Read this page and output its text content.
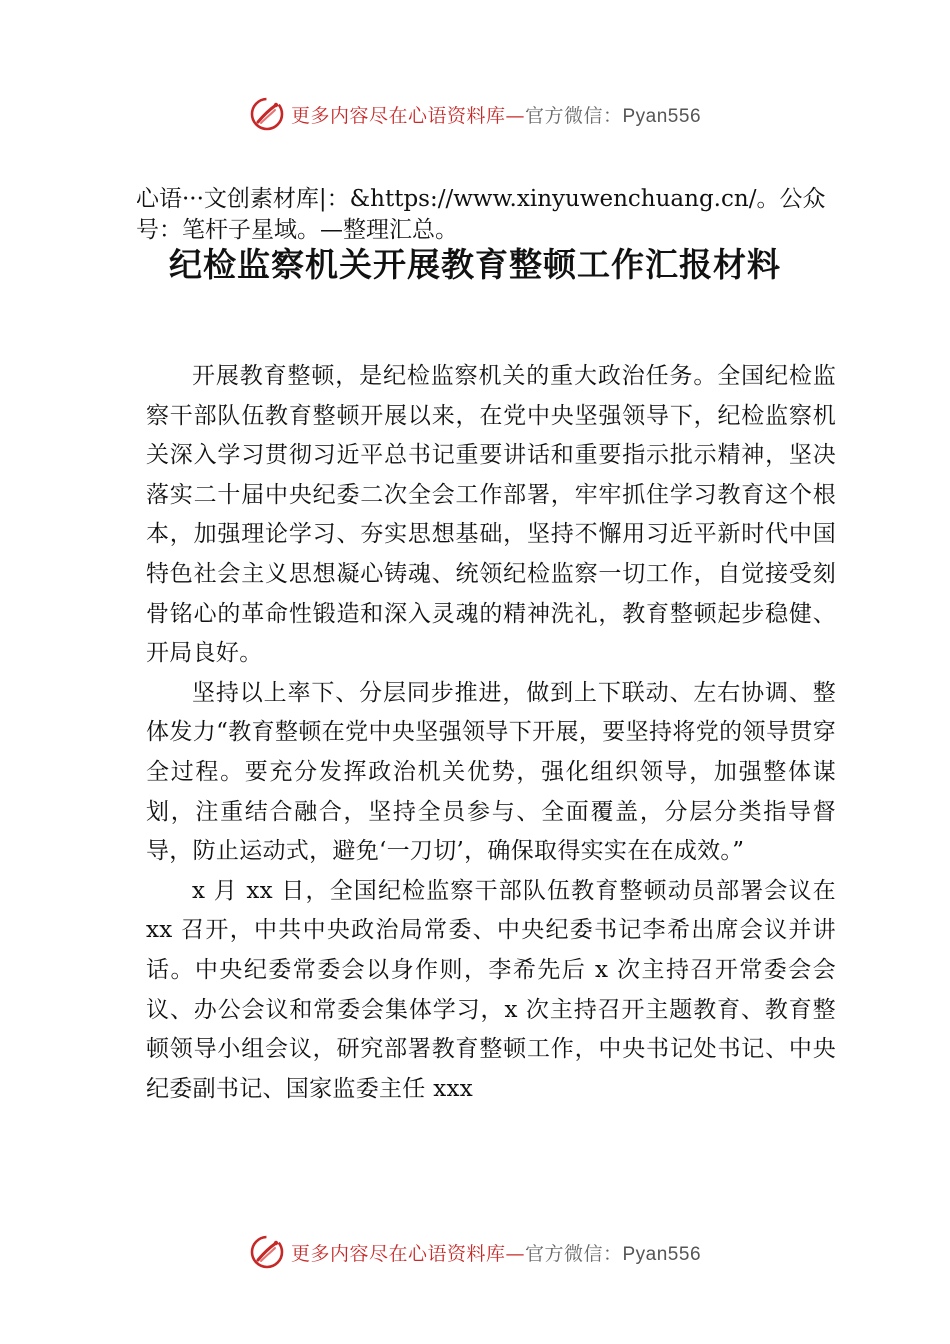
更多内容尽在心语资料库—官方微信：Pyan556
心语···文创素材库|：&https://www.xinyuwenchuang.cn/。公众号：笔杆子星域。—整理汇总。
纪检监察机关开展教育整顿工作汇报材料

开展教育整顿，是纪检监察机关的重大政治任务。全国纪检监察干部队伍教育整顿开展以来，在党中央坚强领导下，纪检监察机关深入学习贯彻习近平总书记重要讲话和重要指示批示精神，坚决落实二十届中央纪委二次全会工作部署，牢牢抓住学习教育这个根本，加强理论学习、夯实思想基础，坚持不懈用习近平新时代中国特色社会主义思想凝心铸魂、统领纪检监察一切工作，自觉接受刻骨铭心的革命性锻造和深入灵魂的精神洗礼，教育整顿起步稳健、开局良好。

坚持以上率下、分层同步推进，做到上下联动、左右协调、整体发力“教育整顿在党中央坚强领导下开展，要坚持将党的领导贯穿全过程。要充分发挥政治机关优势，强化组织领导，加强整体谋划，注重结合融合，坚持全员参与、全面覆盖，分层分类指导督导，防止运动式，避免‘一刀切’，确保取得实实在在成效。”

x 月 xx 日，全国纪检监察干部队伍教育整顿动员部署会议在 xx 召开，中共中央政治局常委、中央纪委书记李希出席会议并讲话。中央纪委常委会以身作则，李希先后 x 次主持召开常委会会议、办公会议和常委会集体学习，x 次主持召开主题教育、教育整顿领导小组会议，研究部署教育整顿工作，中央书记处书记、中央纪委副书记、国家监委主任 xxx

更多内容尽在心语资料库—官方微信：Pyan556
